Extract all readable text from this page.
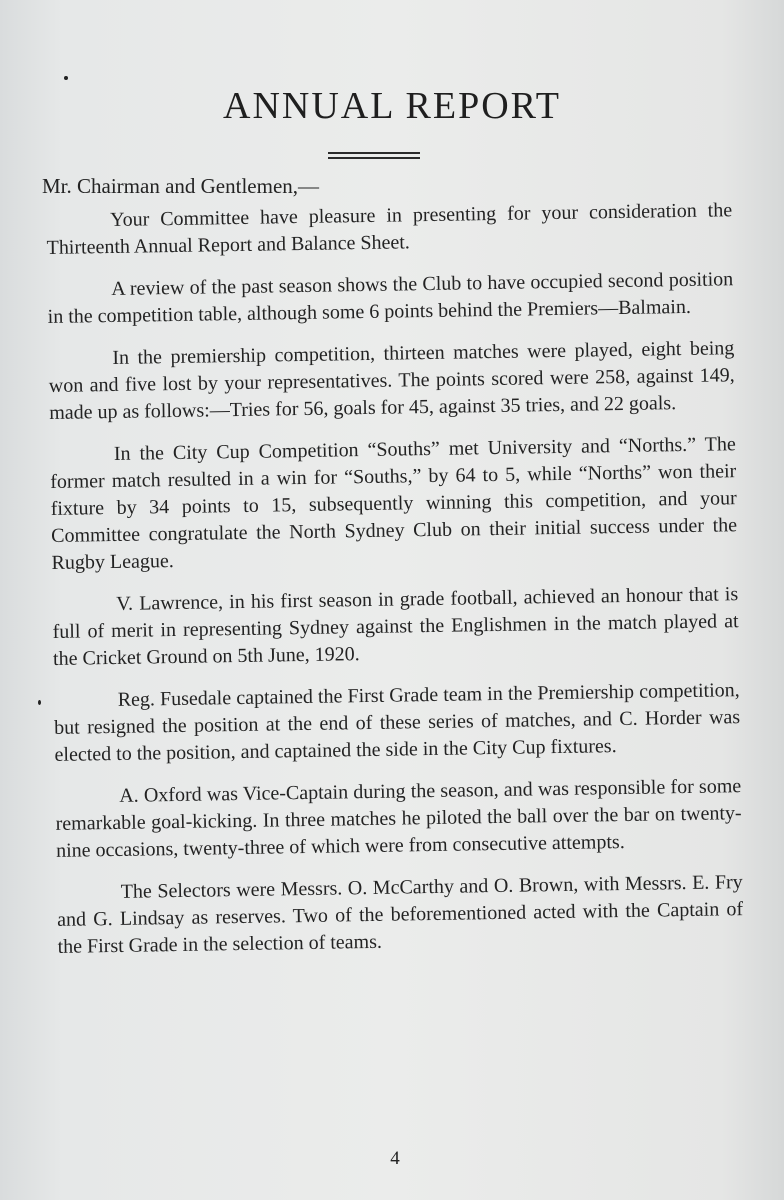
ANNUAL REPORT

Mr. Chairman and Gentlemen,—

Your Committee have pleasure in presenting for your consideration the Thirteenth Annual Report and Balance Sheet.

A review of the past season shows the Club to have occupied second position in the competition table, although some 6 points behind the Premiers—Balmain.

In the premiership competition, thirteen matches were played, eight being won and five lost by your representatives. The points scored were 258, against 149, made up as follows:—Tries for 56, goals for 45, against 35 tries, and 22 goals.

In the City Cup Competition “Souths” met University and “Norths.” The former match resulted in a win for “Souths,” by 64 to 5, while “Norths” won their fixture by 34 points to 15, subsequently winning this competition, and your Committee congratulate the North Sydney Club on their initial success under the Rugby League.

V. Lawrence, in his first season in grade football, achieved an honour that is full of merit in representing Sydney against the Englishmen in the match played at the Cricket Ground on 5th June, 1920.

Reg. Fusedale captained the First Grade team in the Premiership competition, but resigned the position at the end of these series of matches, and C. Horder was elected to the position, and captained the side in the City Cup fixtures.

A. Oxford was Vice-Captain during the season, and was responsible for some remarkable goal-kicking. In three matches he piloted the ball over the bar on twenty-nine occasions, twenty-three of which were from consecutive attempts.

The Selectors were Messrs. O. McCarthy and O. Brown, with Messrs. E. Fry and G. Lindsay as reserves. Two of the beforementioned acted with the Captain of the First Grade in the selection of teams.

4
